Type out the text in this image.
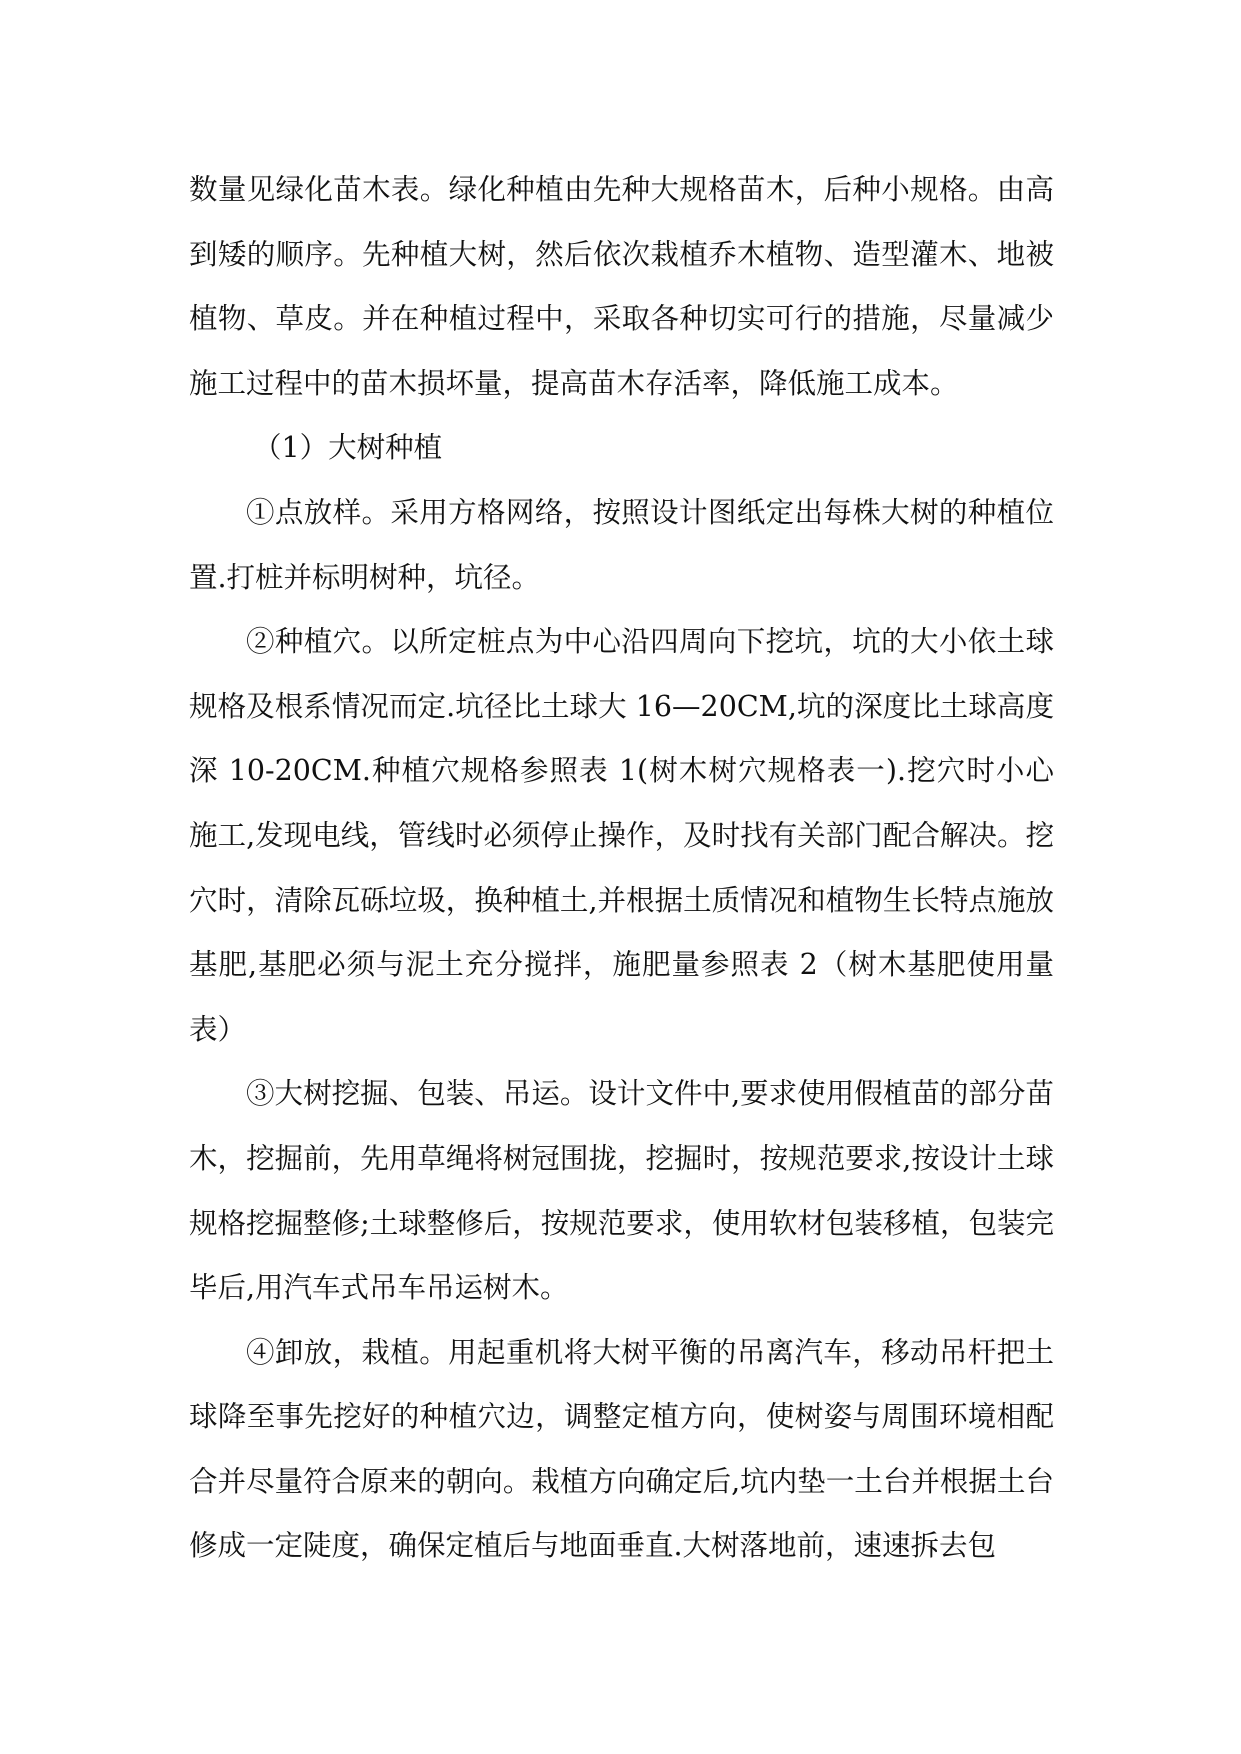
数量见绿化苗木表。绿化种植由先种大规格苗木，后种小规格。由高到矮的顺序。先种植大树，然后依次栽植乔木植物、造型灌木、地被植物、草皮。并在种植过程中，采取各种切实可行的措施，尽量减少施工过程中的苗木损坏量，提高苗木存活率，降低施工成本。

（1）大树种植

①点放样。采用方格网络，按照设计图纸定出每株大树的种植位置.打桩并标明树种，坑径。

②种植穴。以所定桩点为中心沿四周向下挖坑，坑的大小依土球规格及根系情况而定.坑径比土球大 16—20CM,坑的深度比土球高度深 10-20CM.种植穴规格参照表 1(树木树穴规格表一).挖穴时小心施工,发现电线，管线时必须停止操作，及时找有关部门配合解决。挖穴时，清除瓦砾垃圾，换种植土,并根据土质情况和植物生长特点施放基肥,基肥必须与泥土充分搅拌，施肥量参照表 2（树木基肥使用量表）

③大树挖掘、包装、吊运。设计文件中,要求使用假植苗的部分苗木，挖掘前，先用草绳将树冠围拢，挖掘时，按规范要求,按设计土球规格挖掘整修;土球整修后，按规范要求，使用软材包装移植，包装完毕后,用汽车式吊车吊运树木。

④卸放，栽植。用起重机将大树平衡的吊离汽车，移动吊杆把土球降至事先挖好的种植穴边，调整定植方向，使树姿与周围环境相配合并尽量符合原来的朝向。栽植方向确定后,坑内垫一土台并根据土台修成一定陡度，确保定植后与地面垂直.大树落地前，速速拆去包
